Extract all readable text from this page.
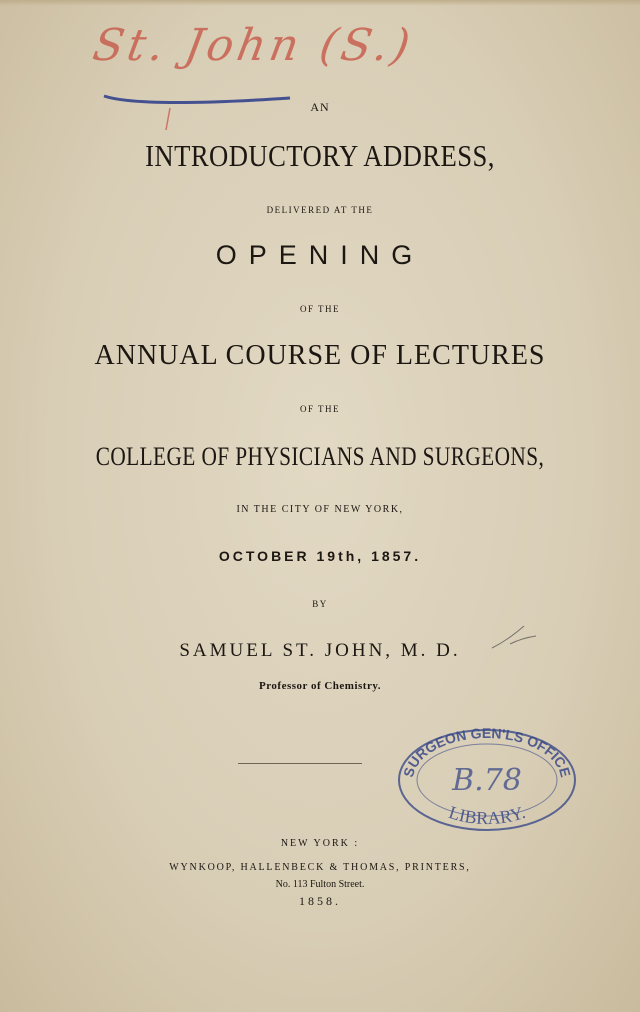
St. John (S.)
AN
INTRODUCTORY ADDRESS,
DELIVERED AT THE
OPENING
OF THE
ANNUAL COURSE OF LECTURES
OF THE
COLLEGE OF PHYSICIANS AND SURGEONS,
IN THE CITY OF NEW YORK,
OCTOBER 19th, 1857.
BY
SAMUEL ST. JOHN, M. D.
Professor of Chemistry.
SURGEON GEN'LS OFFICE
LIBRARY.
B.78
NEW YORK :
WYNKOOP, HALLENBECK & THOMAS, PRINTERS,
No. 113 Fulton Street.
1858.
